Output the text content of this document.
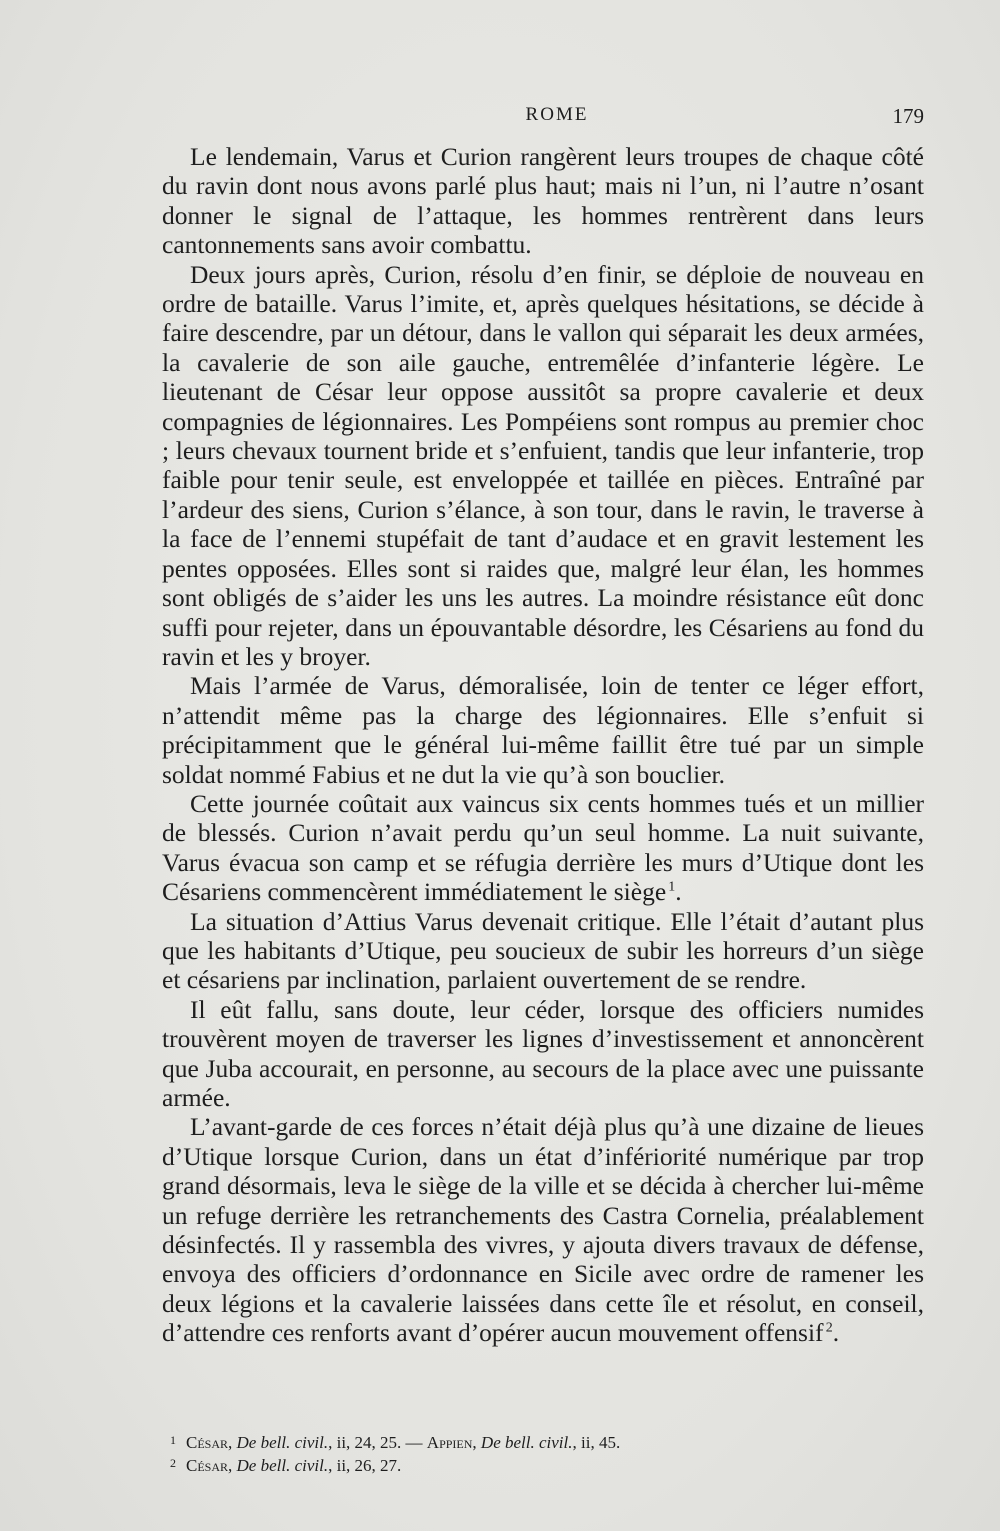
ROME	179

Le lendemain, Varus et Curion rangèrent leurs troupes de chaque côté du ravin dont nous avons parlé plus haut; mais ni l’un, ni l’autre n’osant donner le signal de l’attaque, les hommes rentrèrent dans leurs cantonnements sans avoir combattu.

Deux jours après, Curion, résolu d’en finir, se déploie de nouveau en ordre de bataille. Varus l’imite, et, après quelques hésitations, se décide à faire descendre, par un détour, dans le vallon qui séparait les deux armées, la cavalerie de son aile gauche, entremêlée d’infanterie légère. Le lieutenant de César leur oppose aussitôt sa propre cavalerie et deux compagnies de légionnaires. Les Pompéiens sont rompus au premier choc ; leurs chevaux tournent bride et s’enfuient, tandis que leur infanterie, trop faible pour tenir seule, est enveloppée et taillée en pièces. Entraîné par l’ardeur des siens, Curion s’élance, à son tour, dans le ravin, le traverse à la face de l’ennemi stupéfait de tant d’audace et en gravit lestement les pentes opposées. Elles sont si raides que, malgré leur élan, les hommes sont obligés de s’aider les uns les autres. La moindre résistance eût donc suffi pour rejeter, dans un épouvantable désordre, les Césariens au fond du ravin et les y broyer.

Mais l’armée de Varus, démoralisée, loin de tenter ce léger effort, n’attendit même pas la charge des légionnaires. Elle s’enfuit si précipitamment que le général lui-même faillit être tué par un simple soldat nommé Fabius et ne dut la vie qu’à son bouclier.

Cette journée coûtait aux vaincus six cents hommes tués et un millier de blessés. Curion n’avait perdu qu’un seul homme. La nuit suivante, Varus évacua son camp et se réfugia derrière les murs d’Utique dont les Césariens commencèrent immédiatement le siège  $^1$.

La situation d’Attius Varus devenait critique. Elle l’était d’autant plus que les habitants d’Utique, peu soucieux de subir les horreurs d’un siège et césariens par inclination, parlaient ouvertement de se rendre.

Il eût fallu, sans doute, leur céder, lorsque des officiers numides trouvèrent moyen de traverser les lignes d’investissement et annoncèrent que Juba accourait, en personne, au secours de la place avec une puissante armée.

L’avant-garde de ces forces n’était déjà plus qu’à une dizaine de lieues d’Utique lorsque Curion, dans un état d’infériorité numérique par trop grand désormais, leva le siège de la ville et se décida à chercher lui-même un refuge derrière les retranchements des Castra Cornelia, préalablement désinfectés. Il y rassembla des vivres, y ajouta divers travaux de défense, envoya des officiers d’ordonnance en Sicile avec ordre de ramener les deux légions et la cavalerie laissées dans cette île et résolut, en conseil, d’attendre ces renforts avant d’opérer aucun mouvement offensif  $^2$.

1 César, De bell. civil., ii, 24, 25. — Appien, De bell. civil., ii, 45.

2 César, De bell. civil., ii, 26, 27.
